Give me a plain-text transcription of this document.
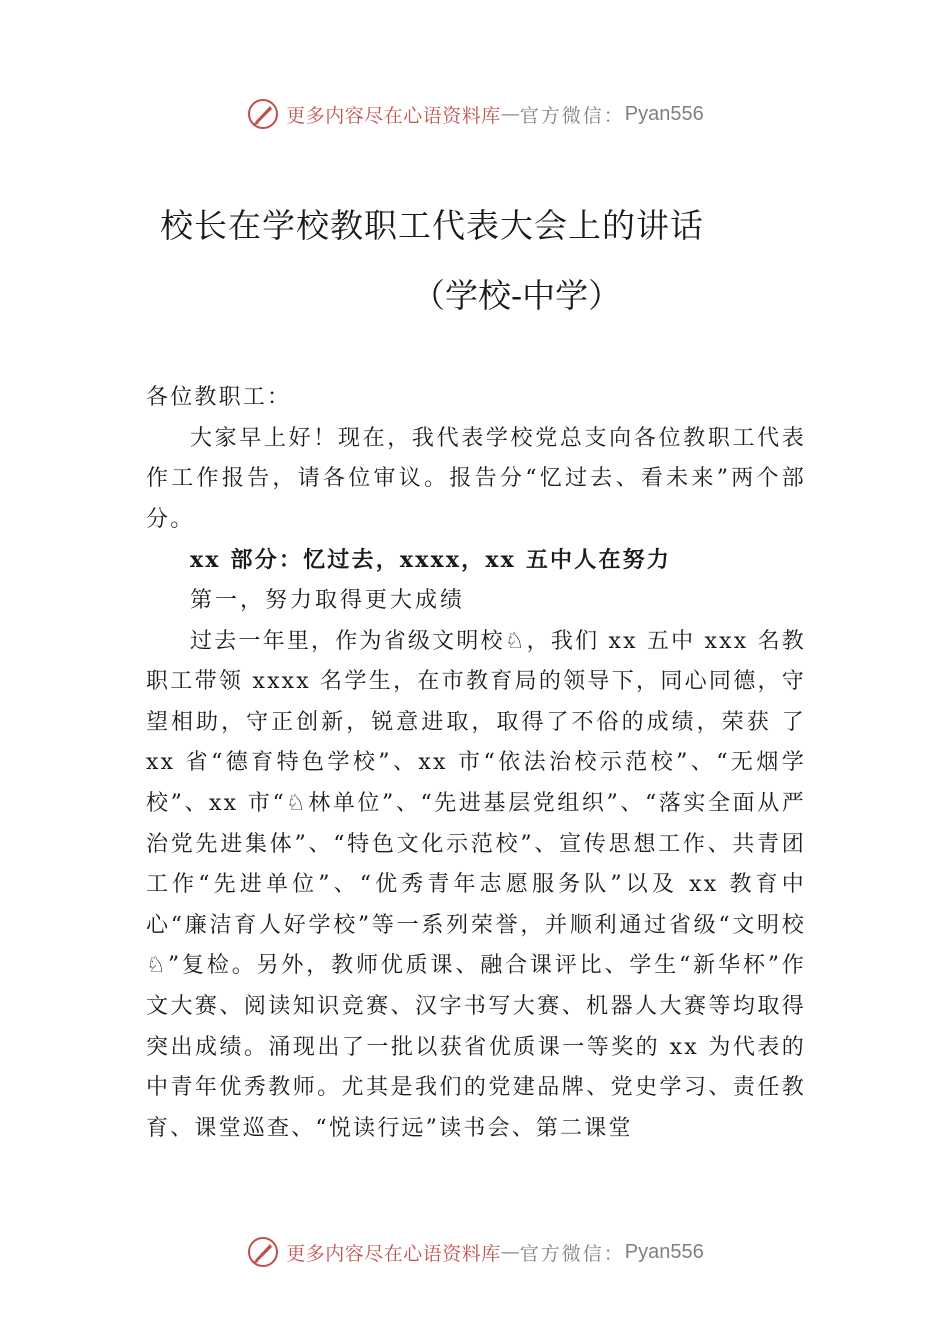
更多内容尽在心语资料库 — 官方微信： Pyan556
校长在学校教职工代表大会上的讲话
（学校-中学）

各位教职工：

大家早上好！现在，我代表学校党总支向各位教职工代表作工作报告，请各位审议。报告分“忆过去、看未来”两个部分。

xx 部分：忆过去，xxxx，xx 五中人在努力

第一，努力取得更大成绩

过去一年里，作为省级文明校♘，我们 xx 五中 xxx 名教职工带领 xxxx 名学生，在市教育局的领导下，同心同德，守望相助，守正创新，锐意进取，取得了不俗的成绩，荣获 了 xx 省“德育特色学校”、xx 市“依法治校示范校”、“无烟学校”、xx 市“♘林单位”、“先进基层党组织”、“落实全面从严治党先进集体”、“特色文化示范校”、宣传思想工作、共青团工作“先进单位”、“优秀青年志愿服务队”以及 xx 教育中心“廉洁育人好学校”等一系列荣誉，并顺利通过省级“文明校♘”复检。另外，教师优质课、融合课评比、学生“新华杯”作文大赛、阅读知识竞赛、汉字书写大赛、机器人大赛等均取得突出成绩。涌现出了一批以获省优质课一等奖的 xx 为代表的中青年优秀教师。尤其是我们的党建品牌、党史学习、责任教育、课堂巡查、“悦读行远”读书会、第二课堂

更多内容尽在心语资料库 — 官方微信： Pyan556
